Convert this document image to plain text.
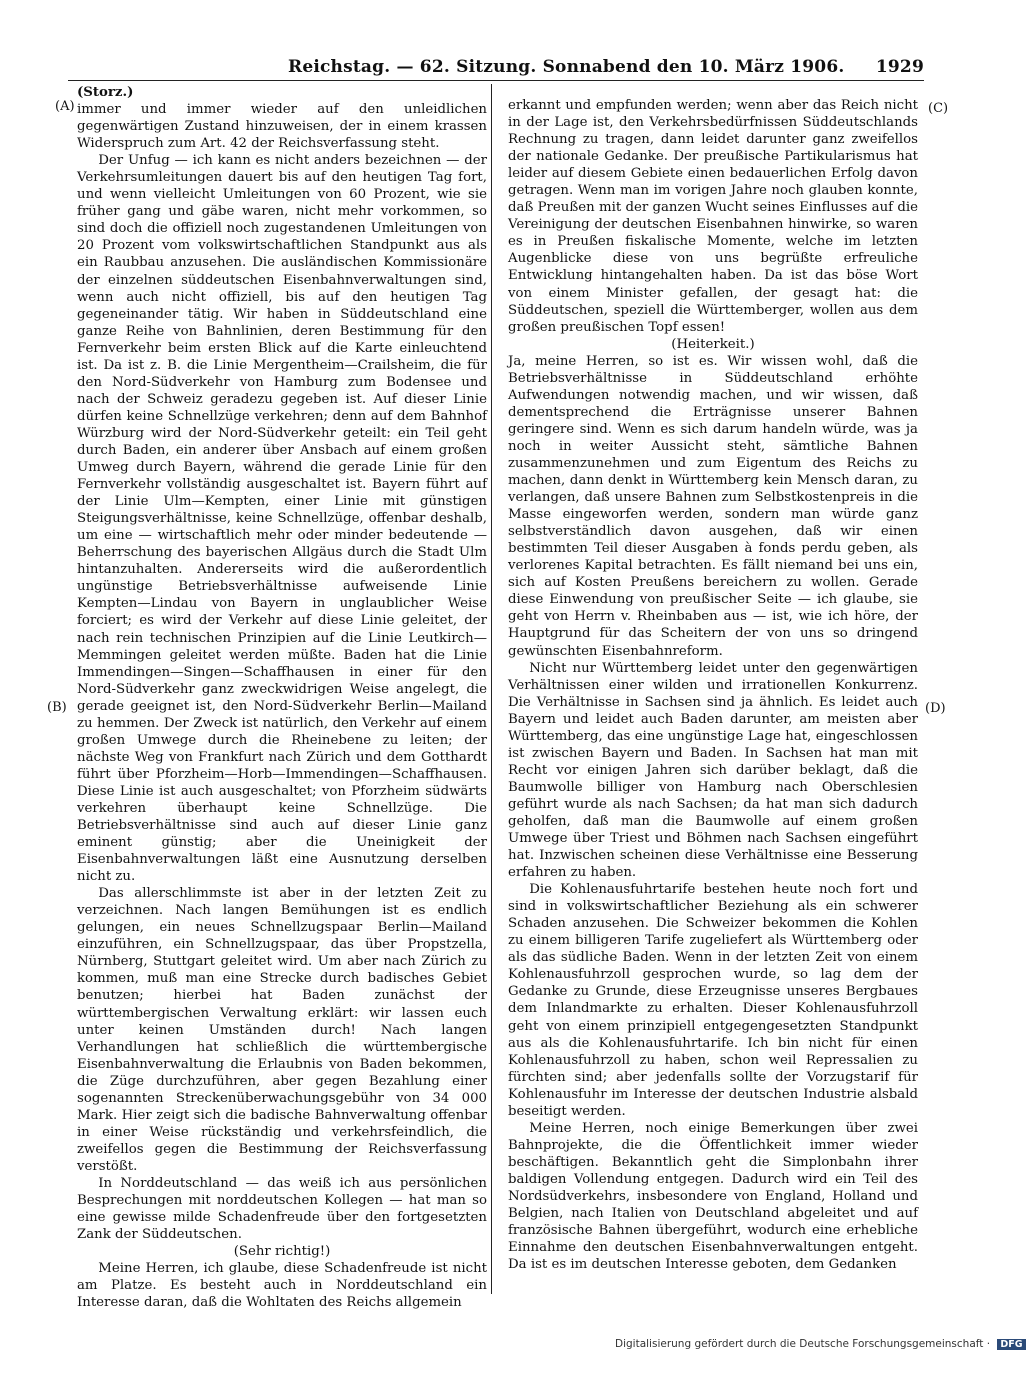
Reichstag. — 62. Sitzung. Sonnabend den 10. März 1906. 1929
(A)
(B)
(C)
(D)

(Storz.)

immer und immer wieder auf den unleidlichen gegenwärtigen Zustand hinzuweisen, der in einem krassen Widerspruch zum Art. 42 der Reichsverfassung steht.

Der Unfug — ich kann es nicht anders bezeichnen — der Verkehrsumleitungen dauert bis auf den heutigen Tag fort, und wenn vielleicht Umleitungen von 60 Prozent, wie sie früher gang und gäbe waren, nicht mehr vorkommen, so sind doch die offiziell noch zugestandenen Umleitungen von 20 Prozent vom volkswirtschaftlichen Standpunkt aus als ein Raubbau anzusehen. Die ausländischen Kommissionäre der einzelnen süddeutschen Eisenbahnverwaltungen sind, wenn auch nicht offiziell, bis auf den heutigen Tag gegeneinander tätig. Wir haben in Süddeutschland eine ganze Reihe von Bahnlinien, deren Bestimmung für den Fernverkehr beim ersten Blick auf die Karte einleuchtend ist. Da ist z. B. die Linie Mergentheim—Crailsheim, die für den Nord-Südverkehr von Hamburg zum Bodensee und nach der Schweiz geradezu gegeben ist. Auf dieser Linie dürfen keine Schnellzüge verkehren; denn auf dem Bahnhof Würzburg wird der Nord-Südverkehr geteilt: ein Teil geht durch Baden, ein anderer über Ansbach auf einem großen Umweg durch Bayern, während die gerade Linie für den Fernverkehr vollständig ausgeschaltet ist. Bayern führt auf der Linie Ulm—Kempten, einer Linie mit günstigen Steigungsverhältnisse, keine Schnellzüge, offenbar deshalb, um eine — wirtschaftlich mehr oder minder bedeutende — Beherrschung des bayerischen Allgäus durch die Stadt Ulm hintanzuhalten. Andererseits wird die außerordentlich ungünstige Betriebsverhältnisse aufweisende Linie Kempten—Lindau von Bayern in unglaublicher Weise forciert; es wird der Verkehr auf diese Linie geleitet, der nach rein technischen Prinzipien auf die Linie Leutkirch—Memmingen geleitet werden müßte. Baden hat die Linie Immendingen—Singen—Schaffhausen in einer für den Nord-Südverkehr ganz zweckwidrigen Weise angelegt, die gerade geeignet ist, den Nord-Südverkehr Berlin—Mailand zu hemmen. Der Zweck ist natürlich, den Verkehr auf einem großen Umwege durch die Rheinebene zu leiten; der nächste Weg von Frankfurt nach Zürich und dem Gotthardt führt über Pforzheim—Horb—Immendingen—Schaffhausen. Diese Linie ist auch ausgeschaltet; von Pforzheim südwärts verkehren überhaupt keine Schnellzüge. Die Betriebsverhältnisse sind auch auf dieser Linie ganz eminent günstig; aber die Uneinigkeit der Eisenbahnverwaltungen läßt eine Ausnutzung derselben nicht zu.

Das allerschlimmste ist aber in der letzten Zeit zu verzeichnen. Nach langen Bemühungen ist es endlich gelungen, ein neues Schnellzugspaar Berlin—Mailand einzuführen, ein Schnellzugspaar, das über Propstzella, Nürnberg, Stuttgart geleitet wird. Um aber nach Zürich zu kommen, muß man eine Strecke durch badisches Gebiet benutzen; hierbei hat Baden zunächst der württembergischen Verwaltung erklärt: wir lassen euch unter keinen Umständen durch! Nach langen Verhandlungen hat schließlich die württembergische Eisenbahnverwaltung die Erlaubnis von Baden bekommen, die Züge durchzuführen, aber gegen Bezahlung einer sogenannten Streckenüberwachungsgebühr von 34 000 Mark. Hier zeigt sich die badische Bahnverwaltung offenbar in einer Weise rückständig und verkehrsfeindlich, die zweifellos gegen die Bestimmung der Reichsverfassung verstößt.

In Norddeutschland — das weiß ich aus persönlichen Besprechungen mit norddeutschen Kollegen — hat man so eine gewisse milde Schadenfreude über den fortgesetzten Zank der Süddeutschen.

(Sehr richtig!)

Meine Herren, ich glaube, diese Schadenfreude ist nicht am Platze. Es besteht auch in Norddeutschland ein Interesse daran, daß die Wohltaten des Reichs allgemein

erkannt und empfunden werden; wenn aber das Reich nicht in der Lage ist, den Verkehrsbedürfnissen Süddeutschlands Rechnung zu tragen, dann leidet darunter ganz zweifellos der nationale Gedanke. Der preußische Partikularismus hat leider auf diesem Gebiete einen bedauerlichen Erfolg davon getragen. Wenn man im vorigen Jahre noch glauben konnte, daß Preußen mit der ganzen Wucht seines Einflusses auf die Vereinigung der deutschen Eisenbahnen hinwirke, so waren es in Preußen fiskalische Momente, welche im letzten Augenblicke diese von uns begrüßte erfreuliche Entwicklung hintangehalten haben. Da ist das böse Wort von einem Minister gefallen, der gesagt hat: die Süddeutschen, speziell die Württemberger, wollen aus dem großen preußischen Topf essen!

(Heiterkeit.)

Ja, meine Herren, so ist es. Wir wissen wohl, daß die Betriebsverhältnisse in Süddeutschland erhöhte Aufwendungen notwendig machen, und wir wissen, daß dementsprechend die Erträgnisse unserer Bahnen geringere sind. Wenn es sich darum handeln würde, was ja noch in weiter Aussicht steht, sämtliche Bahnen zusammenzunehmen und zum Eigentum des Reichs zu machen, dann denkt in Württemberg kein Mensch daran, zu verlangen, daß unsere Bahnen zum Selbstkostenpreis in die Masse eingeworfen werden, sondern man würde ganz selbstverständlich davon ausgehen, daß wir einen bestimmten Teil dieser Ausgaben à fonds perdu geben, als verlorenes Kapital betrachten. Es fällt niemand bei uns ein, sich auf Kosten Preußens bereichern zu wollen. Gerade diese Einwendung von preußischer Seite — ich glaube, sie geht von Herrn v. Rheinbaben aus — ist, wie ich höre, der Hauptgrund für das Scheitern der von uns so dringend gewünschten Eisenbahnreform.

Nicht nur Württemberg leidet unter den gegenwärtigen Verhältnissen einer wilden und irrationellen Konkurrenz. Die Verhältnisse in Sachsen sind ja ähnlich. Es leidet auch Bayern und leidet auch Baden darunter, am meisten aber Württemberg, das eine ungünstige Lage hat, eingeschlossen ist zwischen Bayern und Baden. In Sachsen hat man mit Recht vor einigen Jahren sich darüber beklagt, daß die Baumwolle billiger von Hamburg nach Oberschlesien geführt wurde als nach Sachsen; da hat man sich dadurch geholfen, daß man die Baumwolle auf einem großen Umwege über Triest und Böhmen nach Sachsen eingeführt hat. Inzwischen scheinen diese Verhältnisse eine Besserung erfahren zu haben.

Die Kohlenausfuhrtarife bestehen heute noch fort und sind in volkswirtschaftlicher Beziehung als ein schwerer Schaden anzusehen. Die Schweizer bekommen die Kohlen zu einem billigeren Tarife zugeliefert als Württemberg oder als das südliche Baden. Wenn in der letzten Zeit von einem Kohlenausfuhrzoll gesprochen wurde, so lag dem der Gedanke zu Grunde, diese Erzeugnisse unseres Bergbaues dem Inlandmarkte zu erhalten. Dieser Kohlenausfuhrzoll geht von einem prinzipiell entgegengesetzten Standpunkt aus als die Kohlenausfuhrtarife. Ich bin nicht für einen Kohlenausfuhrzoll zu haben, schon weil Repressalien zu fürchten sind; aber jedenfalls sollte der Vorzugstarif für Kohlenausfuhr im Interesse der deutschen Industrie alsbald beseitigt werden.

Meine Herren, noch einige Bemerkungen über zwei Bahnprojekte, die die Öffentlichkeit immer wieder beschäftigen. Bekanntlich geht die Simplonbahn ihrer baldigen Vollendung entgegen. Dadurch wird ein Teil des Nordsüdverkehrs, insbesondere von England, Holland und Belgien, nach Italien von Deutschland abgeleitet und auf französische Bahnen übergeführt, wodurch eine erhebliche Einnahme den deutschen Eisenbahnverwaltungen entgeht. Da ist es im deutschen Interesse geboten, dem Gedanken

Digitalisierung gefördert durch die Deutsche Forschungsgemeinschaft · DFG
